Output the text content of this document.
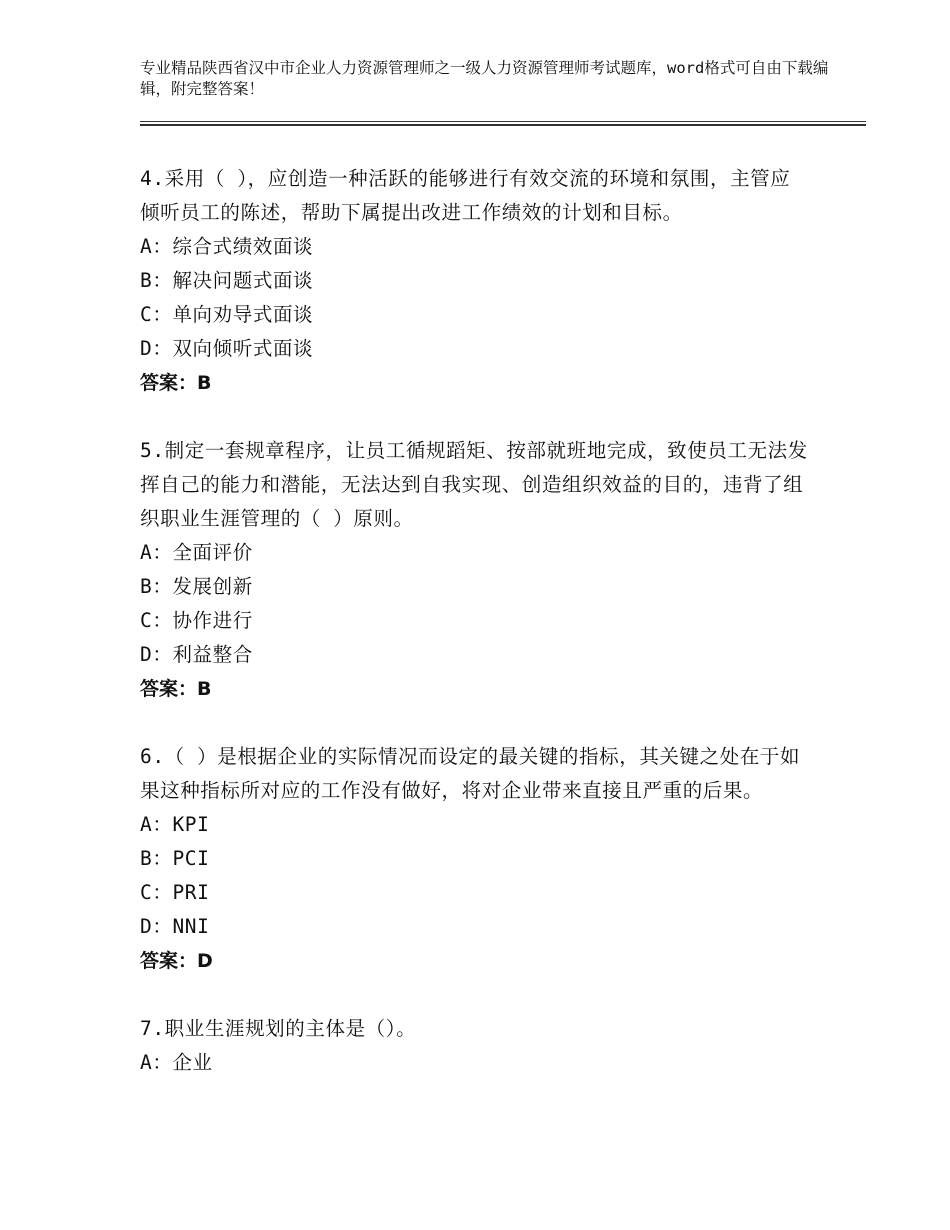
专业精品陕西省汉中市企业人力资源管理师之一级人力资源管理师考试题库，word格式可自由下载编辑，附完整答案！
4.采用（ ），应创造一种活跃的能够进行有效交流的环境和氛围，主管应倾听员工的陈述，帮助下属提出改进工作绩效的计划和目标。
A：综合式绩效面谈
B：解决问题式面谈
C：单向劝导式面谈
D：双向倾听式面谈
答案：B
5.制定一套规章程序，让员工循规蹈矩、按部就班地完成，致使员工无法发挥自己的能力和潜能，无法达到自我实现、创造组织效益的目的，违背了组织职业生涯管理的（ ）原则。
A：全面评价
B：发展创新
C：协作进行
D：利益整合
答案：B
6.（ ）是根据企业的实际情况而设定的最关键的指标，其关键之处在于如果这种指标所对应的工作没有做好，将对企业带来直接且严重的后果。
A：KPI
B：PCI
C：PRI
D：NNI
答案：D
7.职业生涯规划的主体是（）。
A：企业
